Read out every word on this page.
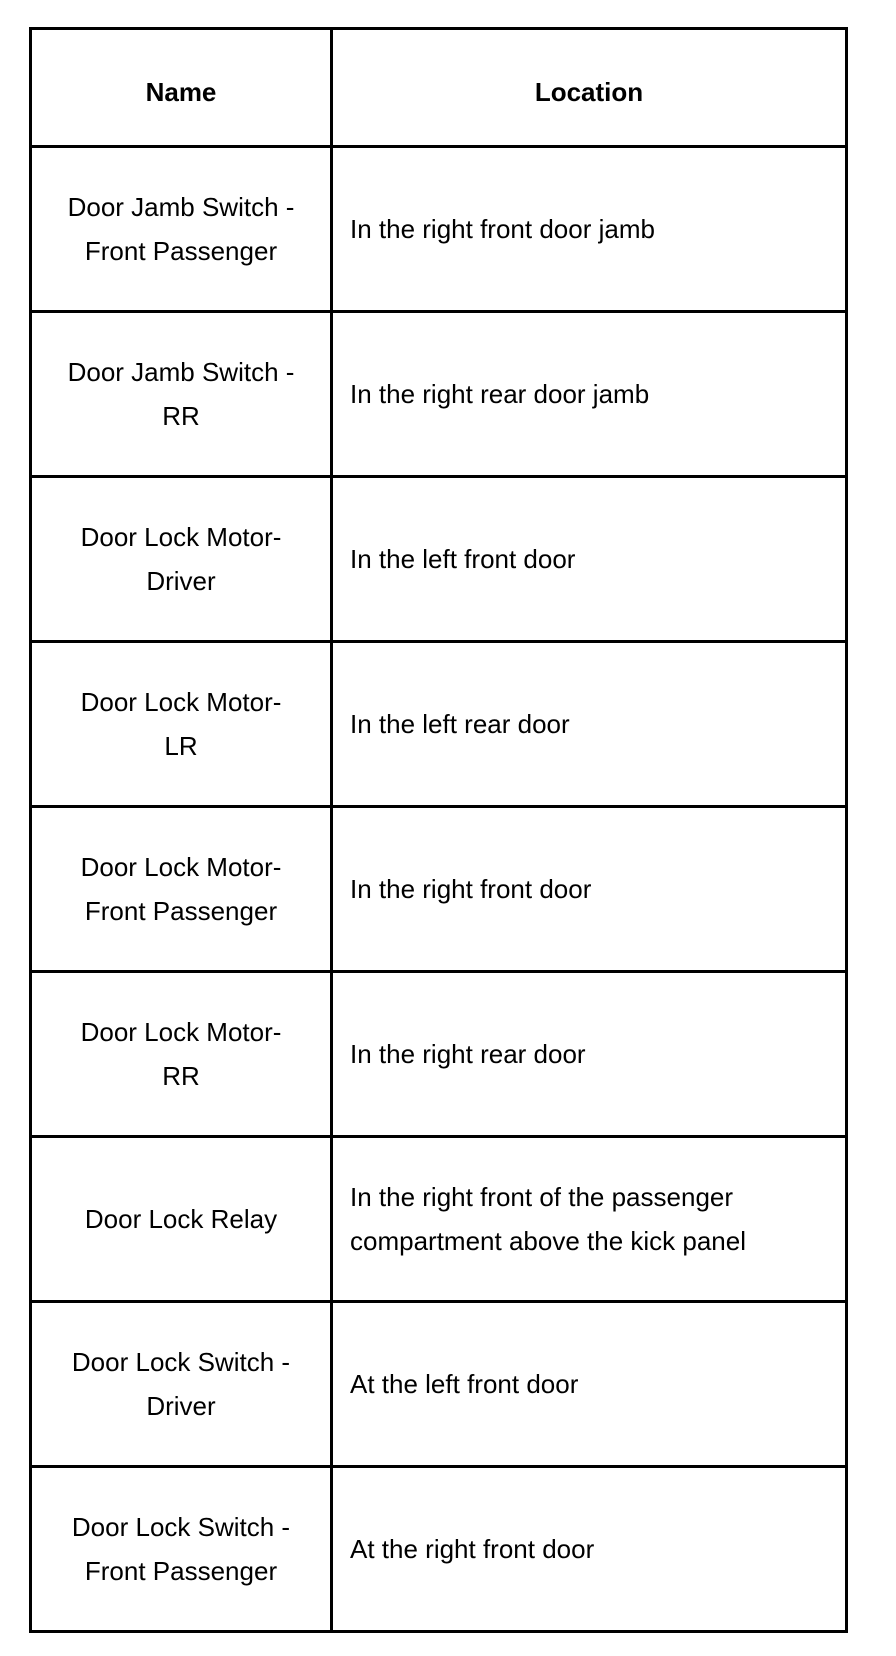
Name	Location

Door Jamb Switch -
Front Passenger	In the right front door jamb

Door Jamb Switch -
RR	In the right rear door jamb

Door Lock Motor-
Driver	In the left front door

Door Lock Motor-
LR	In the left rear door

Door Lock Motor-
Front Passenger	In the right front door

Door Lock Motor-
RR	In the right rear door

Door Lock Relay	In the right front of the passenger
compartment above the kick panel

Door Lock Switch -
Driver	At the left front door

Door Lock Switch -
Front Passenger	At the right front door
